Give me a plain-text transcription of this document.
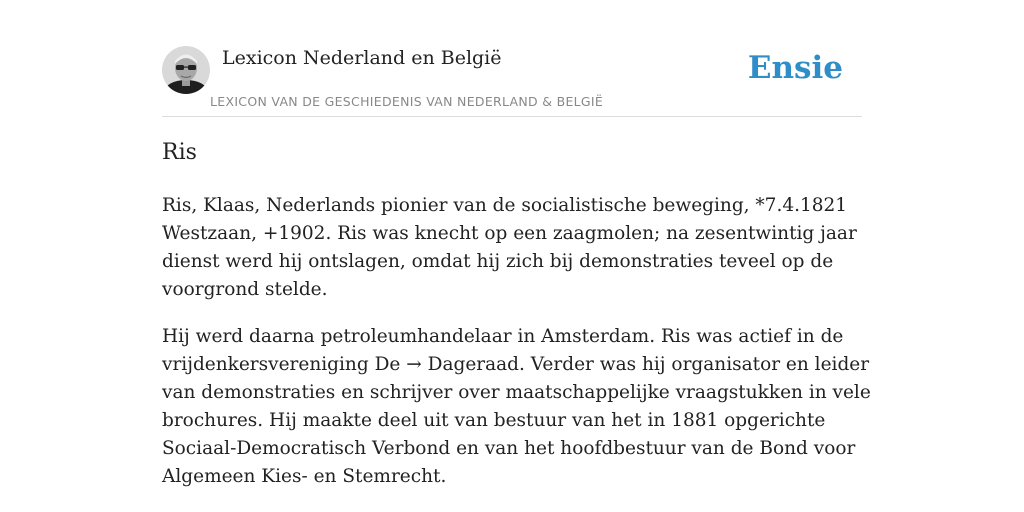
Lexicon Nederland en België
LEXICON VAN DE GESCHIEDENIS VAN NEDERLAND & BELGIË
Ensie
Ris

Ris, Klaas, Nederlands pionier van de socialistische beweging, *7.4.1821 Westzaan, +1902. Ris was knecht op een zaagmolen; na zesentwintig jaar dienst werd hij ontslagen, omdat hij zich bij demonstraties teveel op de voorgrond stelde.

Hij werd daarna petroleumhandelaar in Amsterdam. Ris was actief in de vrijdenkersvereniging De → Dageraad. Verder was hij organisator en leider van demonstraties en schrijver over maatschappelijke vraagstukken in vele brochures. Hij maakte deel uit van bestuur van het in 1881 opgerichte Sociaal-Democratisch Verbond en van het hoofdbestuur van de Bond voor Algemeen Kies- en Stemrecht.
